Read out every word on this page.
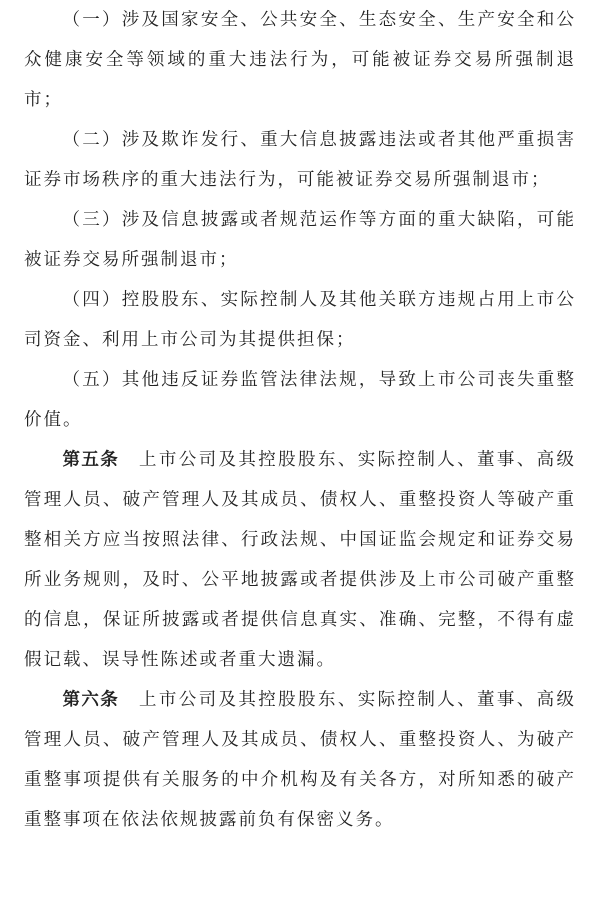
（一）涉及国家安全、公共安全、生态安全、生产安全和公众健康安全等领域的重大违法行为，可能被证券交易所强制退市；

（二）涉及欺诈发行、重大信息披露违法或者其他严重损害证券市场秩序的重大违法行为，可能被证券交易所强制退市；

（三）涉及信息披露或者规范运作等方面的重大缺陷，可能被证券交易所强制退市；

（四）控股股东、实际控制人及其他关联方违规占用上市公司资金、利用上市公司为其提供担保；

（五）其他违反证券监管法律法规，导致上市公司丧失重整价值。

第五条  上市公司及其控股股东、实际控制人、董事、高级管理人员、破产管理人及其成员、债权人、重整投资人等破产重整相关方应当按照法律、行政法规、中国证监会规定和证券交易所业务规则，及时、公平地披露或者提供涉及上市公司破产重整的信息，保证所披露或者提供信息真实、准确、完整，不得有虚假记载、误导性陈述或者重大遗漏。

第六条  上市公司及其控股股东、实际控制人、董事、高级管理人员、破产管理人及其成员、债权人、重整投资人、为破产重整事项提供有关服务的中介机构及有关各方，对所知悉的破产重整事项在依法依规披露前负有保密义务。
